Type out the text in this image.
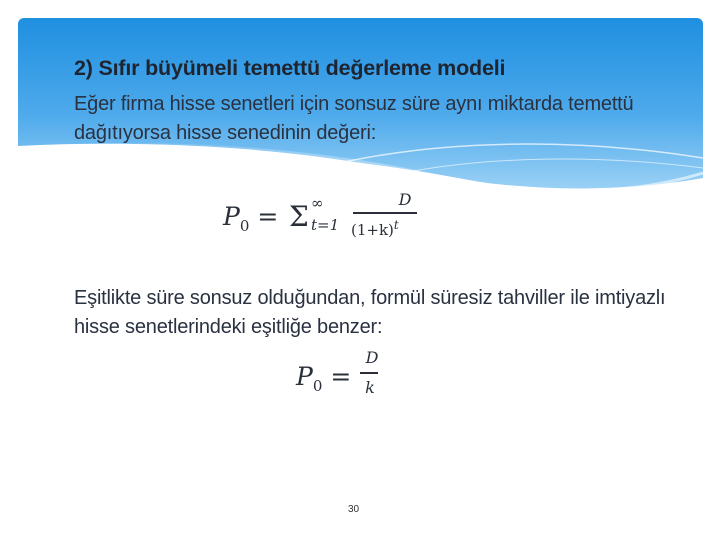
2) Sıfır büyümeli temettü değerleme modeli
Eğer firma hisse senetleri için sonsuz süre aynı miktarda temettü dağıtıyorsa hisse senedinin değeri:
$P_0 = \Sigma$ ∞
t=1
D
$(1+k)^t$
Eşitlikte süre sonsuz olduğundan, formül süresiz tahviller ile imtiyazlı hisse senetlerindeki eşitliğe benzer:
$P_0$ =
D
k
30
